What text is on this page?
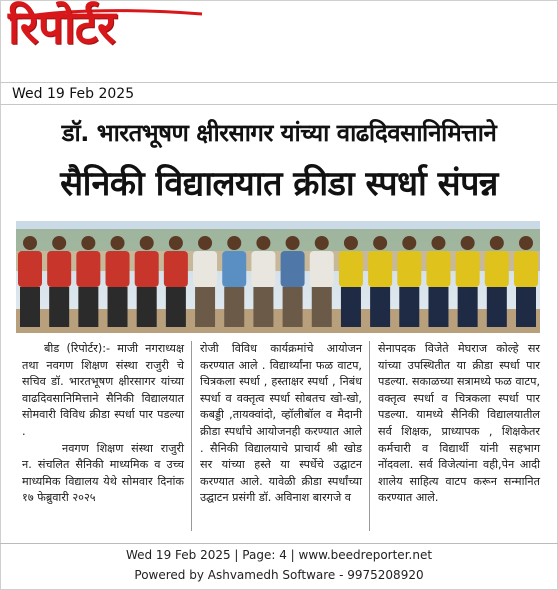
रिपोर्टर
Wed 19 Feb 2025
डॉ. भारतभूषण क्षीरसागर यांच्या वाढदिवसानिमित्ताने
सैनिकी विद्यालयात क्रीडा स्पर्धा संपन्न

बीड (रिपोर्टर):- माजी नगराध्यक्ष तथा नवगण शिक्षण संस्था राजुरी चे सचिव डॉ. भारतभूषण क्षीरसागर यांच्या वाढदिवसानिमित्ताने सैनिकी विद्यालयात सोमवारी विविध क्रीडा स्पर्धा पार पडल्या .

नवगण शिक्षण संस्था राजुरी न. संचलित सैनिकी माध्यमिक व उच्च माध्यमिक विद्यालय येथे सोमवार दिनांक १७ फेब्रुवारी २०२५

रोजी विविध कार्यक्रमांचे आयोजन करण्यात आले . विद्यार्थ्यांना फळ वाटप, चित्रकला स्पर्धा , हस्ताक्षर स्पर्धा , निबंध स्पर्धा व वक्तृत्व स्पर्धा सोबतच खो-खो, कबड्डी ,तायक्वांदो, व्हॉलीबॉल व मैदानी क्रीडा स्पर्धांचे आयोजनही करण्यात आले . सैनिकी विद्यालयाचे प्राचार्य श्री खोड सर यांच्या हस्ते या स्पर्धेचे उद्घाटन करण्यात आले. यावेळी क्रीडा स्पर्धांच्या उद्घाटन प्रसंगी डॉ. अविनाश बारगजे व

सेनापदक विजेते मेघराज कोल्हे सर यांच्या उपस्थितीत या क्रीडा स्पर्धा पार पडल्या. सकाळच्या सत्रामध्ये फळ वाटप, वक्तृत्व स्पर्धा व चित्रकला स्पर्धा पार पडल्या. यामध्ये सैनिकी विद्यालयातील सर्व शिक्षक, प्राध्यापक , शिक्षकेतर कर्मचारी व विद्यार्थी यांनी सहभाग नोंदवला. सर्व विजेत्यांना वही,पेन आदी शालेय साहित्य वाटप करून सन्मानित करण्यात आले.

Wed 19 Feb 2025 | Page: 4 | www.beedreporter.net
Powered by Ashvamedh Software - 9975208920
